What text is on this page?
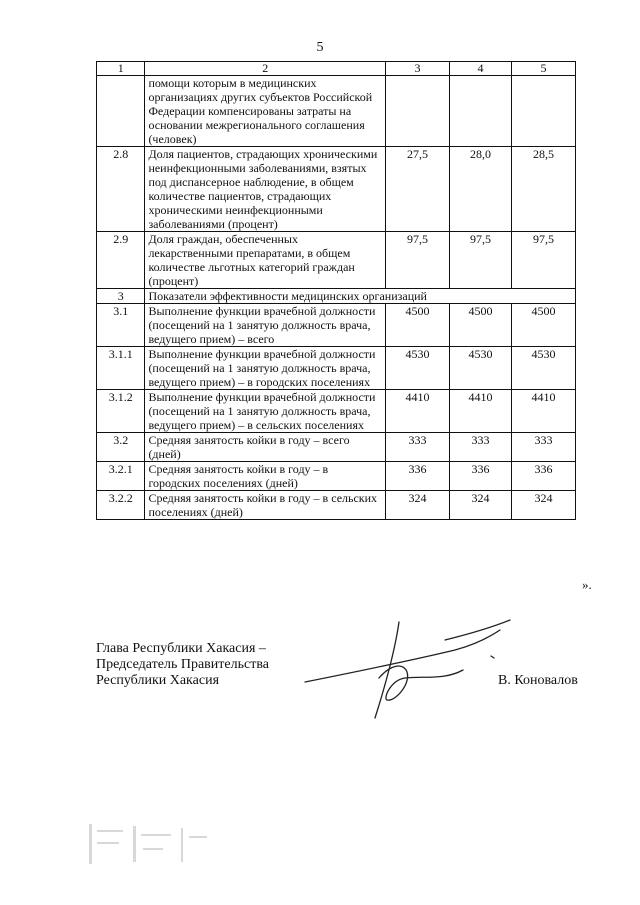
5
1	2	3	4	5
	помощи которым в медицинских организациях других субъектов Российской Федерации компенсированы затраты на основании межрегионального соглашения (человек)			
2.8	Доля пациентов, страдающих хроническими неинфекционными заболеваниями, взятых под диспансерное наблюдение, в общем количестве пациентов, страдающих хроническими неинфекционными заболеваниями (процент)	27,5	28,0	28,5
2.9	Доля граждан, обеспеченных лекарственными препаратами, в общем количестве льготных категорий граждан (процент)	97,5	97,5	97,5
3	Показатели эффективности медицинских организаций			
3.1	Выполнение функции врачебной должности (посещений на 1 занятую должность врача, ведущего прием) – всего	4500	4500	4500
3.1.1	Выполнение функции врачебной должности (посещений на 1 занятую должность врача, ведущего прием) – в городских поселениях	4530	4530	4530
3.1.2	Выполнение функции врачебной должности (посещений на 1 занятую должность врача, ведущего прием) – в сельских поселениях	4410	4410	4410
3.2	Средняя занятость койки в году – всего (дней)	333	333	333
3.2.1	Средняя занятость койки в году – в городских поселениях (дней)	336	336	336
3.2.2	Средняя занятость койки в году – в сельских поселениях (дней)	324	324	324
».
Глава Республики Хакасия –
Председатель Правительства
Республики Хакасия	В. Коновалов
